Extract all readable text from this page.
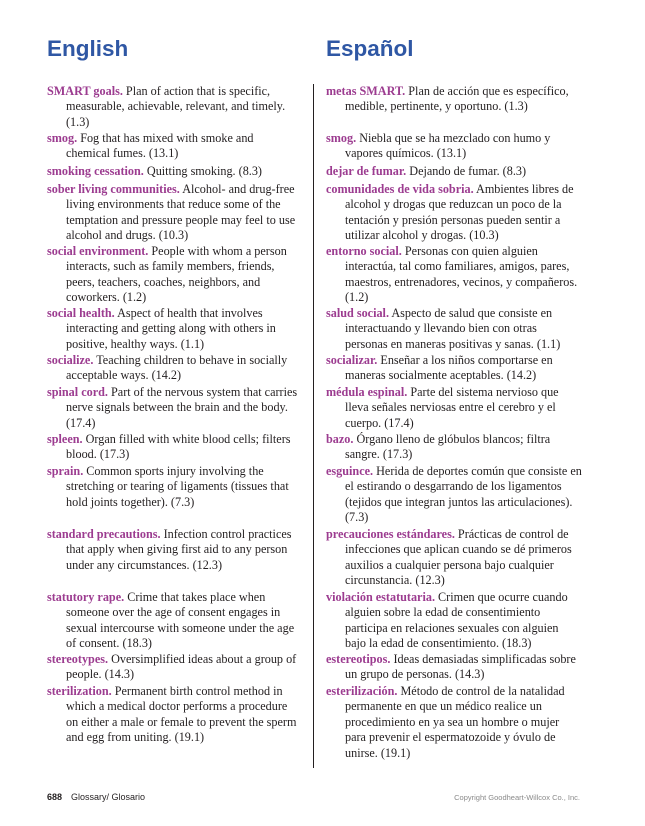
English
SMART goals. Plan of action that is specific, measurable, achievable, relevant, and timely. (1.3)
smog. Fog that has mixed with smoke and chemical fumes. (13.1)
smoking cessation. Quitting smoking. (8.3)
sober living communities. Alcohol- and drug-free living environments that reduce some of the temptation and pressure people may feel to use alcohol and drugs. (10.3)
social environment. People with whom a person interacts, such as family members, friends, peers, teachers, coaches, neighbors, and coworkers. (1.2)
social health. Aspect of health that involves interacting and getting along with others in positive, healthy ways. (1.1)
socialize. Teaching children to behave in socially acceptable ways. (14.2)
spinal cord. Part of the nervous system that carries nerve signals between the brain and the body. (17.4)
spleen. Organ filled with white blood cells; filters blood. (17.3)
sprain. Common sports injury involving the stretching or tearing of ligaments (tissues that hold joints together). (7.3)
standard precautions. Infection control practices that apply when giving first aid to any person under any circumstances. (12.3)
statutory rape. Crime that takes place when someone over the age of consent engages in sexual intercourse with someone under the age of consent. (18.3)
stereotypes. Oversimplified ideas about a group of people. (14.3)
sterilization. Permanent birth control method in which a medical doctor performs a procedure on either a male or female to prevent the sperm and egg from uniting. (19.1)
Español
metas SMART. Plan de acción que es específico, medible, pertinente, y oportuno. (1.3)
smog. Niebla que se ha mezclado con humo y vapores químicos. (13.1)
dejar de fumar. Dejando de fumar. (8.3)
comunidades de vida sobria. Ambientes libres de alcohol y drogas que reduzcan un poco de la tentación y presión personas pueden sentir a utilizar alcohol y drogas. (10.3)
entorno social. Personas con quien alguien interactúa, tal como familiares, amigos, pares, maestros, entrenadores, vecinos, y compañeros. (1.2)
salud social. Aspecto de salud que consiste en interactuando y llevando bien con otras personas en maneras positivas y sanas. (1.1)
socializar. Enseñar a los niños comportarse en maneras socialmente aceptables. (14.2)
médula espinal. Parte del sistema nervioso que lleva señales nerviosas entre el cerebro y el cuerpo. (17.4)
bazo. Órgano lleno de glóbulos blancos; filtra sangre. (17.3)
esguince. Herida de deportes común que consiste en el estirando o desgarrando de los ligamentos (tejidos que integran juntos las articulaciones). (7.3)
precauciones estándares. Prácticas de control de infecciones que aplican cuando se dé primeros auxilios a cualquier persona bajo cualquier circunstancia. (12.3)
violación estatutaria. Crimen que ocurre cuando alguien sobre la edad de consentimiento participa en relaciones sexuales con alguien bajo la edad de consentimiento. (18.3)
estereotipos. Ideas demasiadas simplificadas sobre un grupo de personas. (14.3)
esterilización. Método de control de la natalidad permanente en que un médico realice un procedimiento en ya sea un hombre o mujer para prevenir el espermatozoide y óvulo de unirse. (19.1)
688 Glossary/ Glosario	Copyright Goodheart-Willcox Co., Inc.
